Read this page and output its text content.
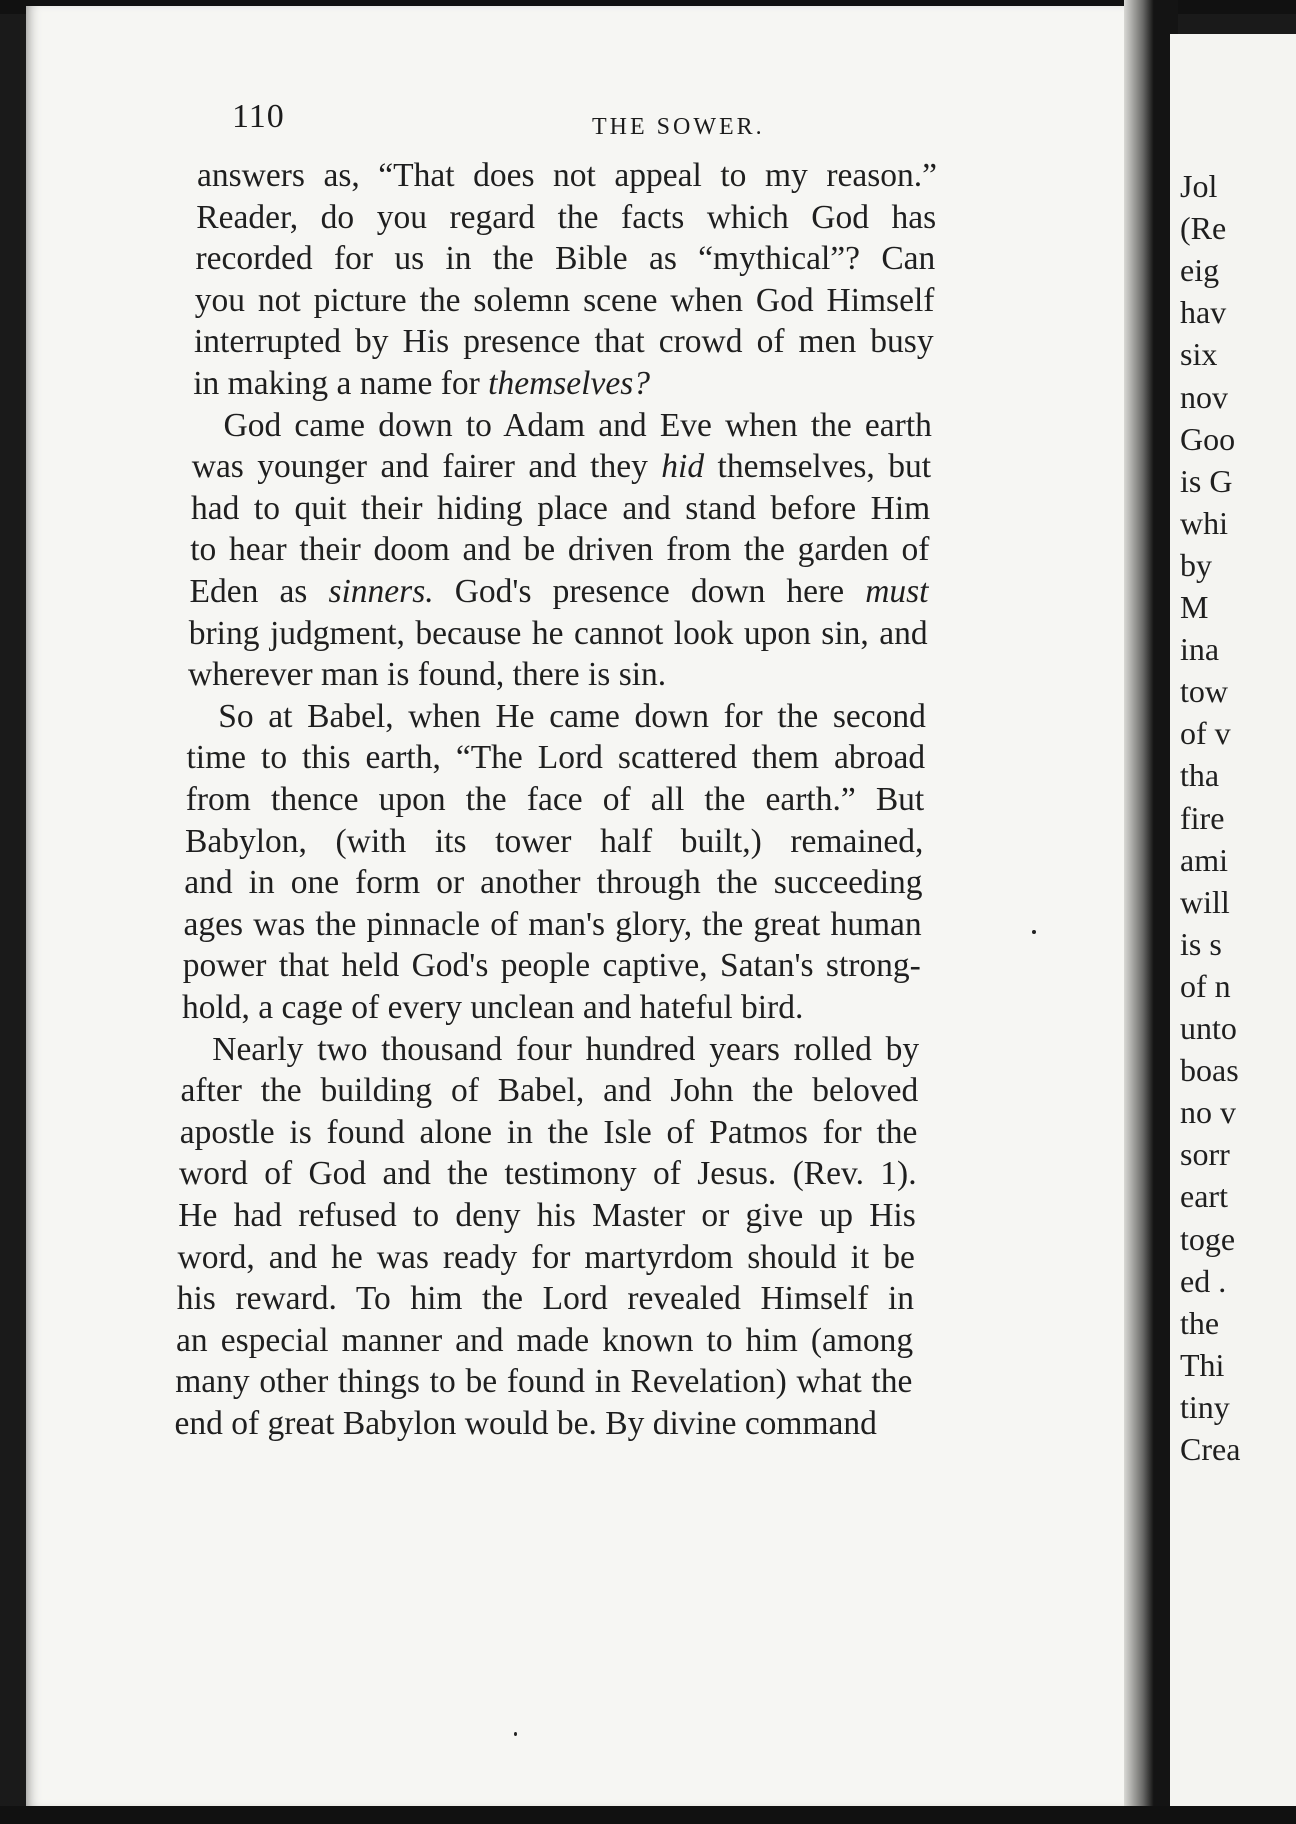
110	THE SOWER.
answers as, “That does not appeal to my reason.”
Reader, do you regard the facts which God has
recorded for us in the Bible as “mythical”? Can
you not picture the solemn scene when God Himself
interrupted by His presence that crowd of men busy
in making a name for themselves?
God came down to Adam and Eve when the earth
was younger and fairer and they hid themselves, but
had to quit their hiding place and stand before Him
to hear their doom and be driven from the garden of
Eden as sinners. God's presence down here must
bring judgment, because he cannot look upon sin, and
wherever man is found, there is sin.
So at Babel, when He came down for the second
time to this earth, “The Lord scattered them abroad
from thence upon the face of all the earth.” But
Babylon, (with its tower half built,) remained,
and in one form or another through the succeeding
ages was the pinnacle of man's glory, the great human
power that held God's people captive, Satan's strong-
hold, a cage of every unclean and hateful bird.
Nearly two thousand four hundred years rolled by
after the building of Babel, and John the beloved
apostle is found alone in the Isle of Patmos for the
word of God and the testimony of Jesus. (Rev. 1).
He had refused to deny his Master or give up His
word, and he was ready for martyrdom should it be
his reward. To him the Lord revealed Himself in
an especial manner and made known to him (among
many other things to be found in Revelation) what the
end of great Babylon would be. By divine command
Jol
(Re
eig
hav
six
nov
Goo
is G
whi
by
M
ina
tow
of v
tha
fire
ami
will
is s
of n
unto
boas
no v
sorr
eart
toge
ed .
the
Thi
tiny
Crea
